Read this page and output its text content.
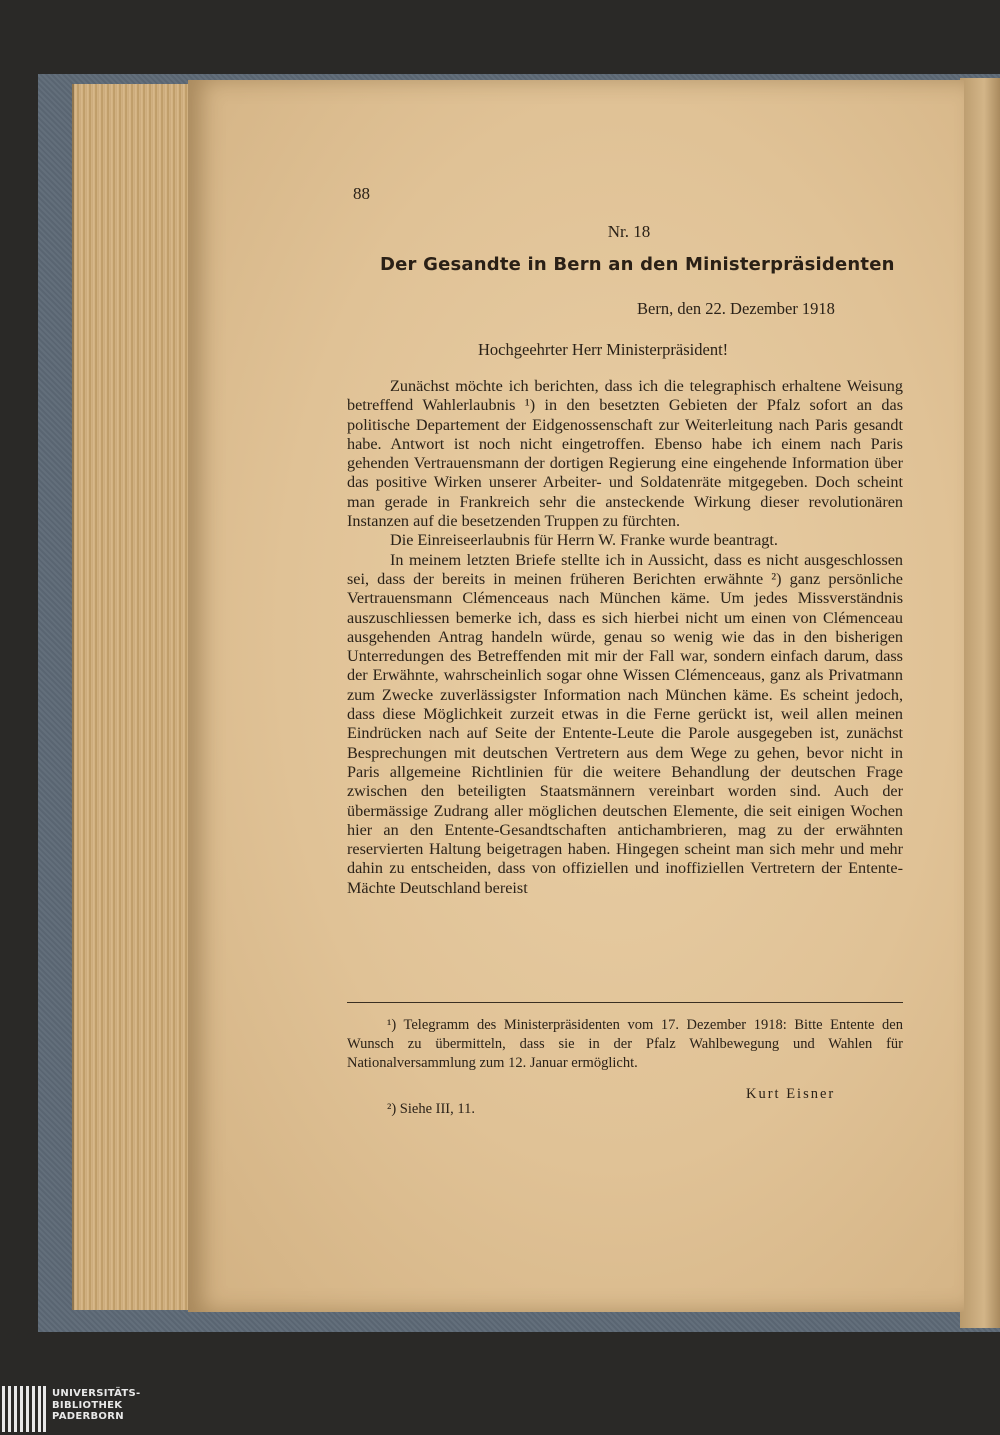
88
Nr. 18
Der Gesandte in Bern an den Ministerpräsidenten
Bern, den 22. Dezember 1918
Hochgeehrter Herr Ministerpräsident!

Zunächst möchte ich berichten, dass ich die telegraphisch erhaltene Weisung betreffend Wahlerlaubnis ¹) in den besetzten Gebieten der Pfalz sofort an das politische Departement der Eidgenossenschaft zur Weiterleitung nach Paris gesandt habe. Antwort ist noch nicht eingetroffen. Ebenso habe ich einem nach Paris gehenden Vertrauensmann der dortigen Regierung eine eingehende Information über das positive Wirken unserer Arbeiter- und Soldatenräte mitgegeben. Doch scheint man gerade in Frankreich sehr die ansteckende Wirkung dieser revolutionären Instanzen auf die besetzenden Truppen zu fürchten.

Die Einreiseerlaubnis für Herrn W. Franke wurde beantragt.

In meinem letzten Briefe stellte ich in Aussicht, dass es nicht ausgeschlossen sei, dass der bereits in meinen früheren Berichten erwähnte ²) ganz persönliche Vertrauensmann Clémenceaus nach München käme. Um jedes Missverständnis auszuschliessen bemerke ich, dass es sich hierbei nicht um einen von Clémenceau ausgehenden Antrag handeln würde, genau so wenig wie das in den bisherigen Unterredungen des Betreffenden mit mir der Fall war, sondern einfach darum, dass der Erwähnte, wahrscheinlich sogar ohne Wissen Clémenceaus, ganz als Privatmann zum Zwecke zuverlässigster Information nach München käme. Es scheint jedoch, dass diese Möglichkeit zurzeit etwas in die Ferne gerückt ist, weil allen meinen Eindrücken nach auf Seite der Entente-Leute die Parole ausgegeben ist, zunächst Besprechungen mit deutschen Vertretern aus dem Wege zu gehen, bevor nicht in Paris allgemeine Richtlinien für die weitere Behandlung der deutschen Frage zwischen den beteiligten Staatsmännern vereinbart worden sind. Auch der übermässige Zudrang aller möglichen deutschen Elemente, die seit einigen Wochen hier an den Entente-Gesandtschaften antichambrieren, mag zu der erwähnten reservierten Haltung beigetragen haben. Hingegen scheint man sich mehr und mehr dahin zu entscheiden, dass von offiziellen und inoffiziellen Vertretern der Entente-Mächte Deutschland bereist

¹) Telegramm des Ministerpräsidenten vom 17. Dezember 1918: Bitte Entente den Wunsch zu übermitteln, dass sie in der Pfalz Wahlbewegung und Wahlen für Nationalversammlung zum 12. Januar ermöglicht.

Kurt Eisner
²) Siehe III, 11.
UNIVERSITÄTS-
BIBLIOTHEK
PADERBORN
